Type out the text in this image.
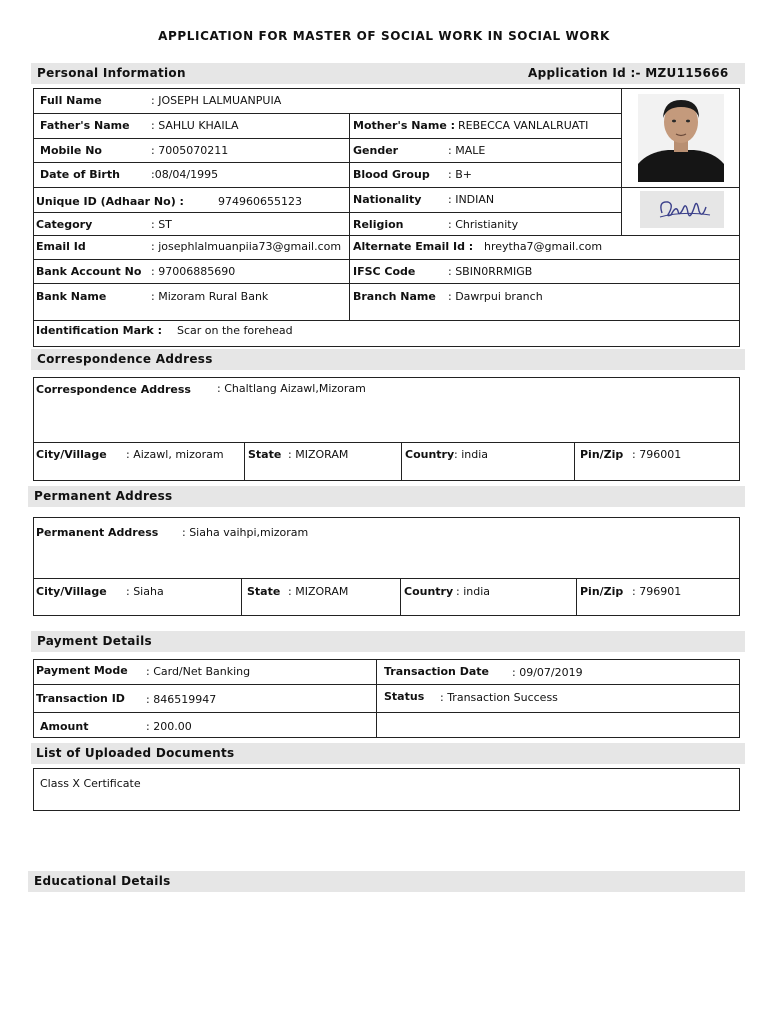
APPLICATION FOR MASTER OF SOCIAL WORK IN SOCIAL WORK
Personal Information	Application Id :- MZU115666
Full Name	: JOSEPH LALMUANPUIA
Father's Name : SAHLU KHAILA	Mother's Name : REBECCA VANLALRUATI
Mobile No	: 7005070211	Gender	: MALE
Date of Birth	:08/04/1995	Blood Group : B+
Unique ID (Adhaar No) :	974960655123	Nationality : INDIAN
Category	: ST	Religion	: Christianity
Email Id	: josephlalmuanpiia73@gmail.com Alternate Email Id : hreytha7@gmail.com
Bank Account No : 97006885690	IFSC Code	: SBIN0RRMIGB
Bank Name	: Mizoram Rural Bank	Branch Name : Dawrpui branch
Identification Mark : Scar on the forehead
Correspondence Address
Correspondence Address : Chaltlang Aizawl,Mizoram
City/Village : Aizawl, mizoram State : MIZORAM	Country : india	Pin/Zip : 796001
Permanent Address
Permanent Address : Siaha vaihpi,mizoram
City/Village : Siaha	State : MIZORAM	Country : india	Pin/Zip : 796901
Payment Details
Payment Mode : Card/Net Banking	Transaction Date : 09/07/2019
Transaction ID : 846519947	Status : Transaction Success
Amount	: 200.00
List of Uploaded Documents
Class X Certificate
Educational Details
